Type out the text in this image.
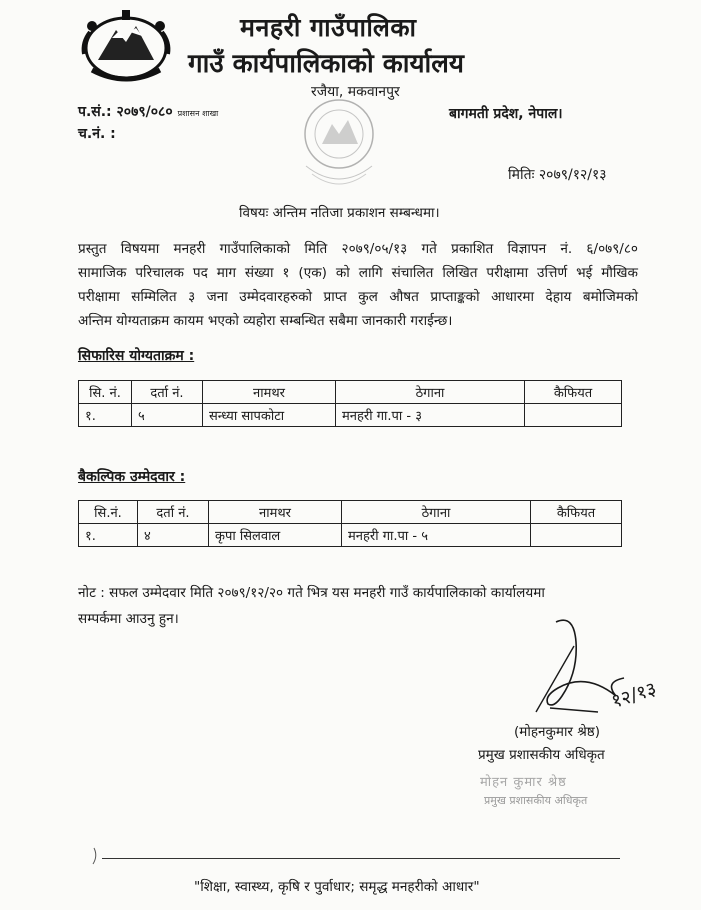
मनहरी गाउँपालिका
गाउँ कार्यपालिकाको कार्यालय
रजैया, मकवानपुर
प.सं.: २०७९/०८० प्रशासन शाखा
च.नं. :
बागमती प्रदेश, नेपाल।
मितिः २०७९/१२/१३
विषयः अन्तिम नतिजा प्रकाशन सम्बन्धमा।
प्रस्तुत विषयमा मनहरी गाउँपालिकाको मिति २०७९/०५/१३ गते प्रकाशित विज्ञापन नं. ६/०७९/८०
सामाजिक परिचालक पद माग संख्या १ (एक) को लागि संचालित लिखित परीक्षामा उत्तिर्ण भई मौखिक
परीक्षामा सम्मिलित ३ जना उम्मेदवारहरुको प्राप्त कुल औषत प्राप्ताङ्कको आधारमा देहाय बमोजिमको
अन्तिम योग्यताक्रम कायम भएको व्यहोरा सम्बन्धित सबैमा जानकारी गराईन्छ।
सिफारिस योग्यताक्रम :
सि. नं.	दर्ता नं.	नामथर	ठेगाना	कैफियत
१.	५	सन्ध्या सापकोटा	मनहरी गा.पा - ३	
बैकल्पिक उम्मेदवार :
सि.नं.	दर्ता नं.	नामथर	ठेगाना	कैफियत
१.	४	कृपा सिलवाल	मनहरी गा.पा - ५	
नोट : सफल उम्मेदवार मिति २०७९/१२/२० गते भित्र यस मनहरी गाउँ कार्यपालिकाको कार्यालयमा
सम्पर्कमा आउनु हुन।
१२/१३
(मोहनकुमार श्रेष्ठ)
प्रमुख प्रशासकीय अधिकृत
मोहन कुमार श्रेष्ठ
प्रमुख प्रशासकीय अधिकृत
"शिक्षा, स्वास्थ्य, कृषि र पुर्वाधार; समृद्ध मनहरीको आधार"
